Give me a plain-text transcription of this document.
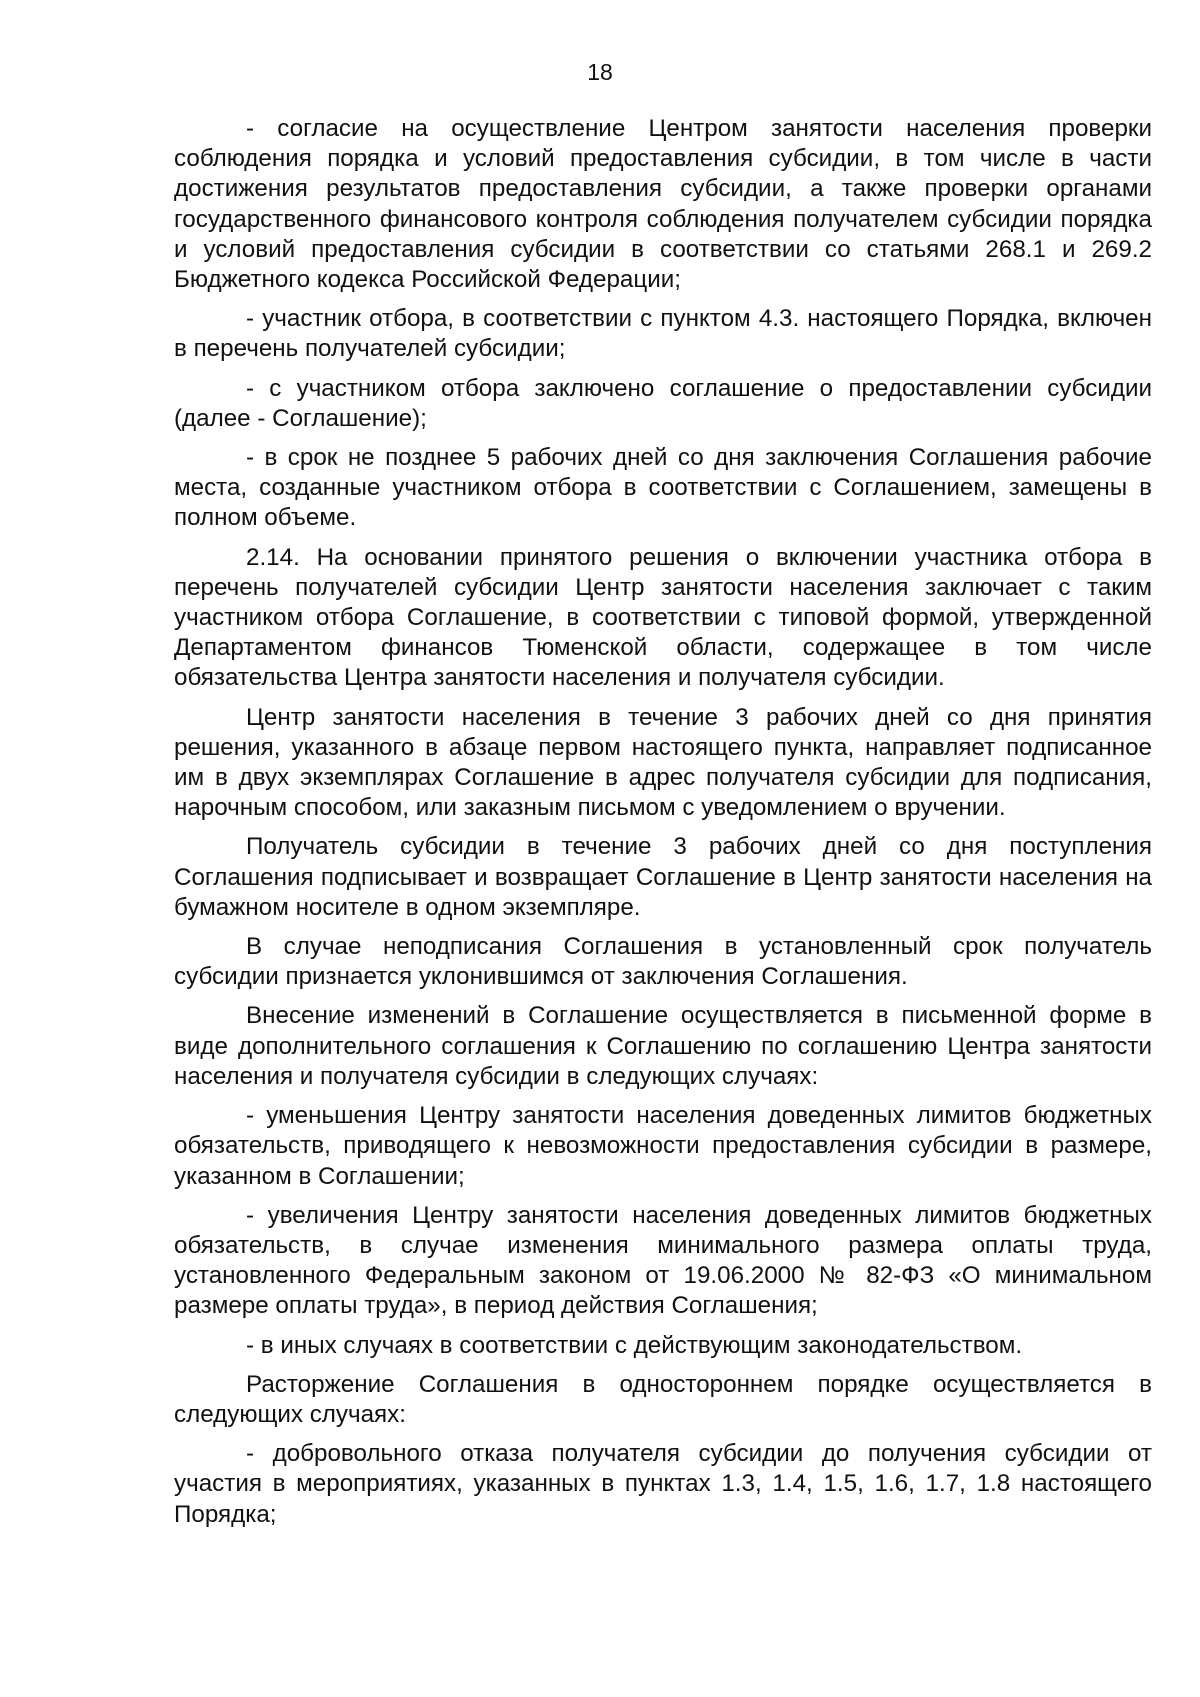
18

- согласие на осуществление Центром занятости населения проверки соблюдения порядка и условий предоставления субсидии, в том числе в части достижения результатов предоставления субсидии, а также проверки органами государственного финансового контроля соблюдения получателем субсидии порядка и условий предоставления субсидии в соответствии со статьями 268.1 и 269.2 Бюджетного кодекса Российской Федерации;

- участник отбора, в соответствии с пунктом 4.3. настоящего Порядка, включен в перечень получателей субсидии;

- с участником отбора заключено соглашение о предоставлении субсидии (далее - Соглашение);

- в срок не позднее 5 рабочих дней со дня заключения Соглашения рабочие места, созданные участником отбора в соответствии с Соглашением, замещены в полном объеме.

2.14. На основании принятого решения о включении участника отбора в перечень получателей субсидии Центр занятости населения заключает с таким участником отбора Соглашение, в соответствии с типовой формой, утвержденной Департаментом финансов Тюменской области, содержащее в том числе обязательства Центра занятости населения и получателя субсидии.

Центр занятости населения в течение 3 рабочих дней со дня принятия решения, указанного в абзаце первом настоящего пункта, направляет подписанное им в двух экземплярах Соглашение в адрес получателя субсидии для подписания, нарочным способом, или заказным письмом с уведомлением о вручении.

Получатель субсидии в течение 3 рабочих дней со дня поступления Соглашения подписывает и возвращает Соглашение в Центр занятости населения на бумажном носителе в одном экземпляре.

В случае неподписания Соглашения в установленный срок получатель субсидии признается уклонившимся от заключения Соглашения.

Внесение изменений в Соглашение осуществляется в письменной форме в виде дополнительного соглашения к Соглашению по соглашению Центра занятости населения и получателя субсидии в следующих случаях:

- уменьшения Центру занятости населения доведенных лимитов бюджетных обязательств, приводящего к невозможности предоставления субсидии в размере, указанном в Соглашении;

- увеличения Центру занятости населения доведенных лимитов бюджетных обязательств, в случае изменения минимального размера оплаты труда, установленного Федеральным законом от 19.06.2000 № 82-ФЗ «О минимальном размере оплаты труда», в период действия Соглашения;

- в иных случаях в соответствии с действующим законодательством.

Расторжение Соглашения в одностороннем порядке осуществляется в следующих случаях:

- добровольного отказа получателя субсидии до получения субсидии от участия в мероприятиях, указанных в пунктах 1.3, 1.4, 1.5, 1.6, 1.7, 1.8 настоящего Порядка;
